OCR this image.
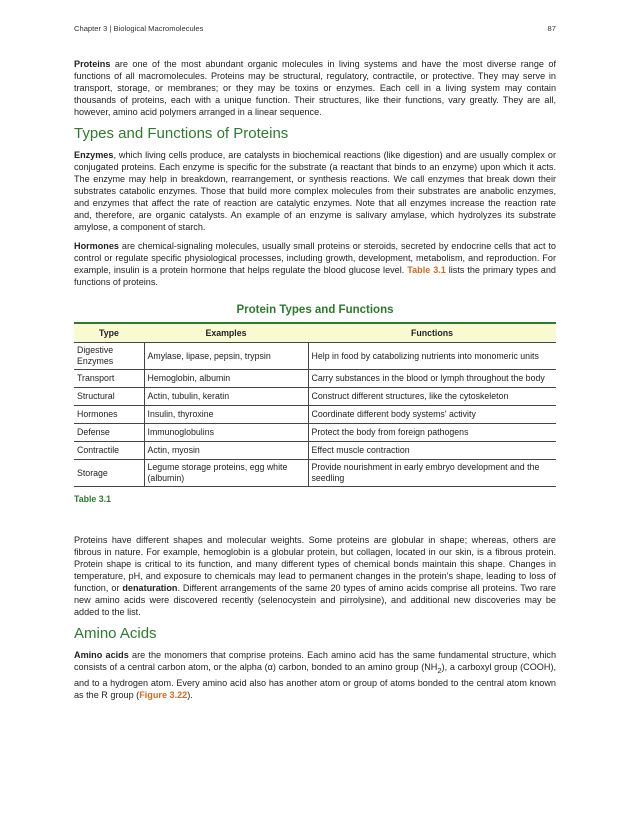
Chapter 3 | Biological Macromolecules	87

Proteins are one of the most abundant organic molecules in living systems and have the most diverse range of functions of all macromolecules. Proteins may be structural, regulatory, contractile, or protective. They may serve in transport, storage, or membranes; or they may be toxins or enzymes. Each cell in a living system may contain thousands of proteins, each with a unique function. Their structures, like their functions, vary greatly. They are all, however, amino acid polymers arranged in a linear sequence.

Types and Functions of Proteins

Enzymes, which living cells produce, are catalysts in biochemical reactions (like digestion) and are usually complex or conjugated proteins. Each enzyme is specific for the substrate (a reactant that binds to an enzyme) upon which it acts. The enzyme may help in breakdown, rearrangement, or synthesis reactions. We call enzymes that break down their substrates catabolic enzymes. Those that build more complex molecules from their substrates are anabolic enzymes, and enzymes that affect the rate of reaction are catalytic enzymes. Note that all enzymes increase the reaction rate and, therefore, are organic catalysts. An example of an enzyme is salivary amylase, which hydrolyzes its substrate amylose, a component of starch.

Hormones are chemical-signaling molecules, usually small proteins or steroids, secreted by endocrine cells that act to control or regulate specific physiological processes, including growth, development, metabolism, and reproduction. For example, insulin is a protein hormone that helps regulate the blood glucose level. Table 3.1 lists the primary types and functions of proteins.

Protein Types and Functions
Type	Examples	Functions
Digestive Enzymes	Amylase, lipase, pepsin, trypsin	Help in food by catabolizing nutrients into monomeric units
Transport	Hemoglobin, albumin	Carry substances in the blood or lymph throughout the body
Structural	Actin, tubulin, keratin	Construct different structures, like the cytoskeleton
Hormones	Insulin, thyroxine	Coordinate different body systems' activity
Defense	Immunoglobulins	Protect the body from foreign pathogens
Contractile	Actin, myosin	Effect muscle contraction
Storage	Legume storage proteins, egg white (albumin)	Provide nourishment in early embryo development and the seedling
Table 3.1

Proteins have different shapes and molecular weights. Some proteins are globular in shape; whereas, others are fibrous in nature. For example, hemoglobin is a globular protein, but collagen, located in our skin, is a fibrous protein. Protein shape is critical to its function, and many different types of chemical bonds maintain this shape. Changes in temperature, pH, and exposure to chemicals may lead to permanent changes in the protein's shape, leading to loss of function, or denaturation. Different arrangements of the same 20 types of amino acids comprise all proteins. Two rare new amino acids were discovered recently (selenocystein and pirrolysine), and additional new discoveries may be added to the list.

Amino Acids

Amino acids are the monomers that comprise proteins. Each amino acid has the same fundamental structure, which consists of a central carbon atom, or the alpha (α) carbon, bonded to an amino group $(NH_2)$, a carboxyl group (COOH), and to a hydrogen atom. Every amino acid also has another atom or group of atoms bonded to the central atom known as the R group (Figure 3.22).
